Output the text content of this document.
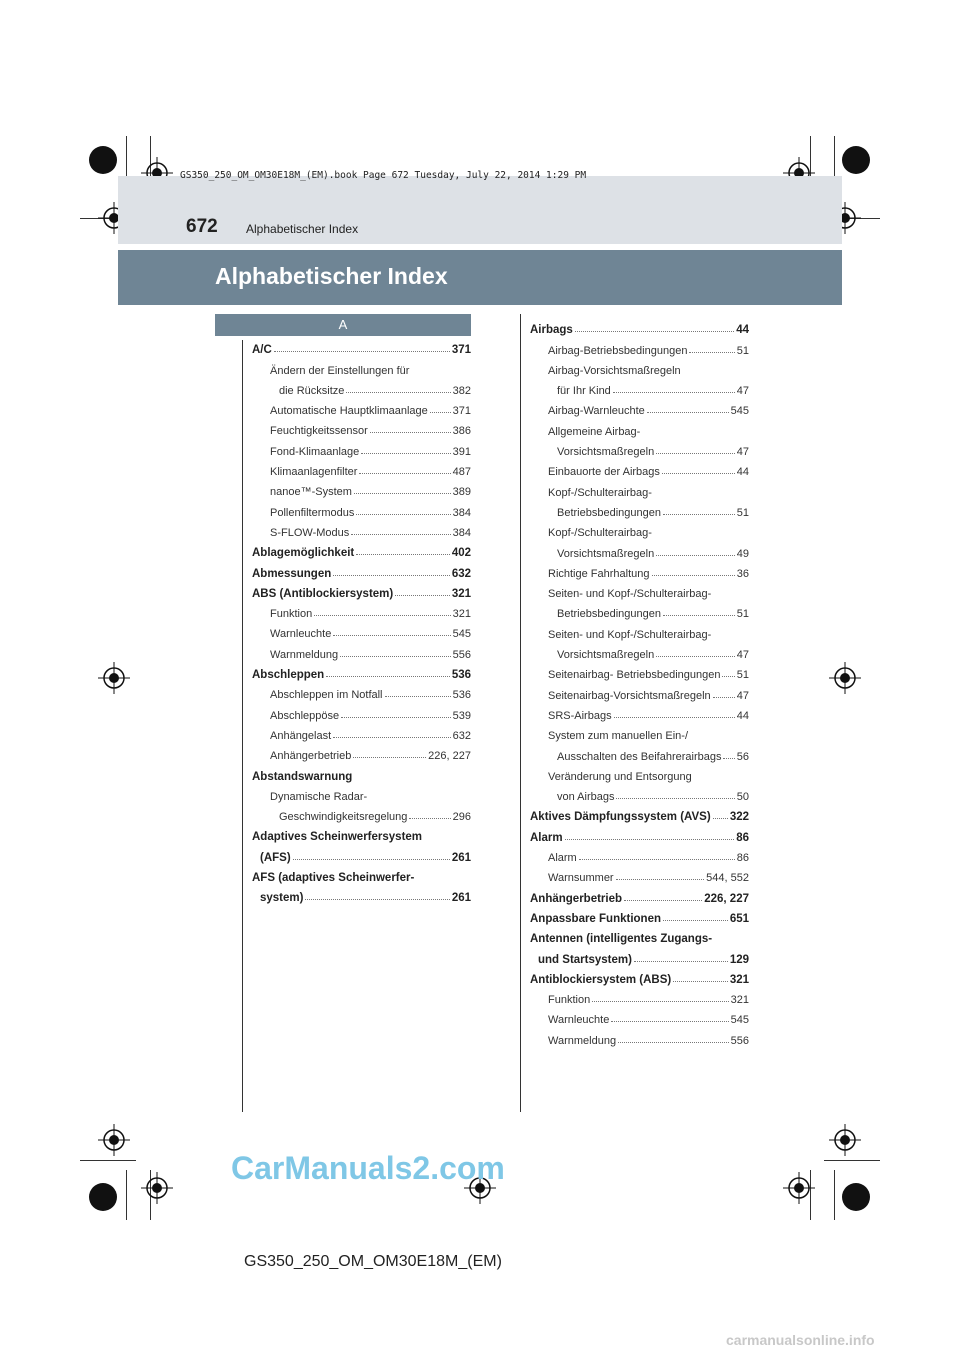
GS350_250_OM_OM30E18M_(EM).book Page 672 Tuesday, July 22, 2014 1:29 PM
672 Alphabetischer Index
Alphabetischer Index
A
A/C	371
Ändern der Einstellungen für
die Rücksitze	382
Automatische Hauptklimaanlage 371
Feuchtigkeitssensor	386
Fond-Klimaanlage	391
Klimaanlagenfilter	487
nanoe™-System	389
Pollenfiltermodus	384
S-FLOW-Modus	384
Ablagemöglichkeit	402
Abmessungen	632
ABS (Antiblockiersystem)	321
Funktion	321
Warnleuchte	545
Warnmeldung	556
Abschleppen	536
Abschleppen im Notfall	536
Abschleppöse	539
Anhängelast	632
Anhängerbetrieb	226, 227
Abstandswarnung
Dynamische Radar-
Geschwindigkeitsregelung	296
Adaptives Scheinwerfersystem
(AFS)	261
AFS (adaptives Scheinwerfer-
system)	261
Airbags	44
Airbag-Betriebsbedingungen	51
Airbag-Vorsichtsmaßregeln
für Ihr Kind	47
Airbag-Warnleuchte	545
Allgemeine Airbag-
Vorsichtsmaßregeln	47
Einbauorte der Airbags	44
Kopf-/Schulterairbag-
Betriebsbedingungen	51
Kopf-/Schulterairbag-
Vorsichtsmaßregeln	49
Richtige Fahrhaltung	36
Seiten- und Kopf-/Schulterairbag-
Betriebsbedingungen	51
Seiten- und Kopf-/Schulterairbag-
Vorsichtsmaßregeln	47
Seitenairbag- Betriebsbedingungen 51
Seitenairbag-Vorsichtsmaßregeln 47
SRS-Airbags	44
System zum manuellen Ein-/
Ausschalten des Beifahrerairbags 56
Veränderung und Entsorgung
von Airbags	50
Aktives Dämpfungssystem (AVS) 322
Alarm	86
Alarm	86
Warnsummer	544, 552
Anhängerbetrieb	226, 227
Anpassbare Funktionen	651
Antennen (intelligentes Zugangs-
und Startsystem)	129
Antiblockiersystem (ABS)	321
Funktion	321
Warnleuchte	545
Warnmeldung	556
GS350_250_OM_OM30E18M_(EM)
CarManuals2.com
carmanualsonline.info
